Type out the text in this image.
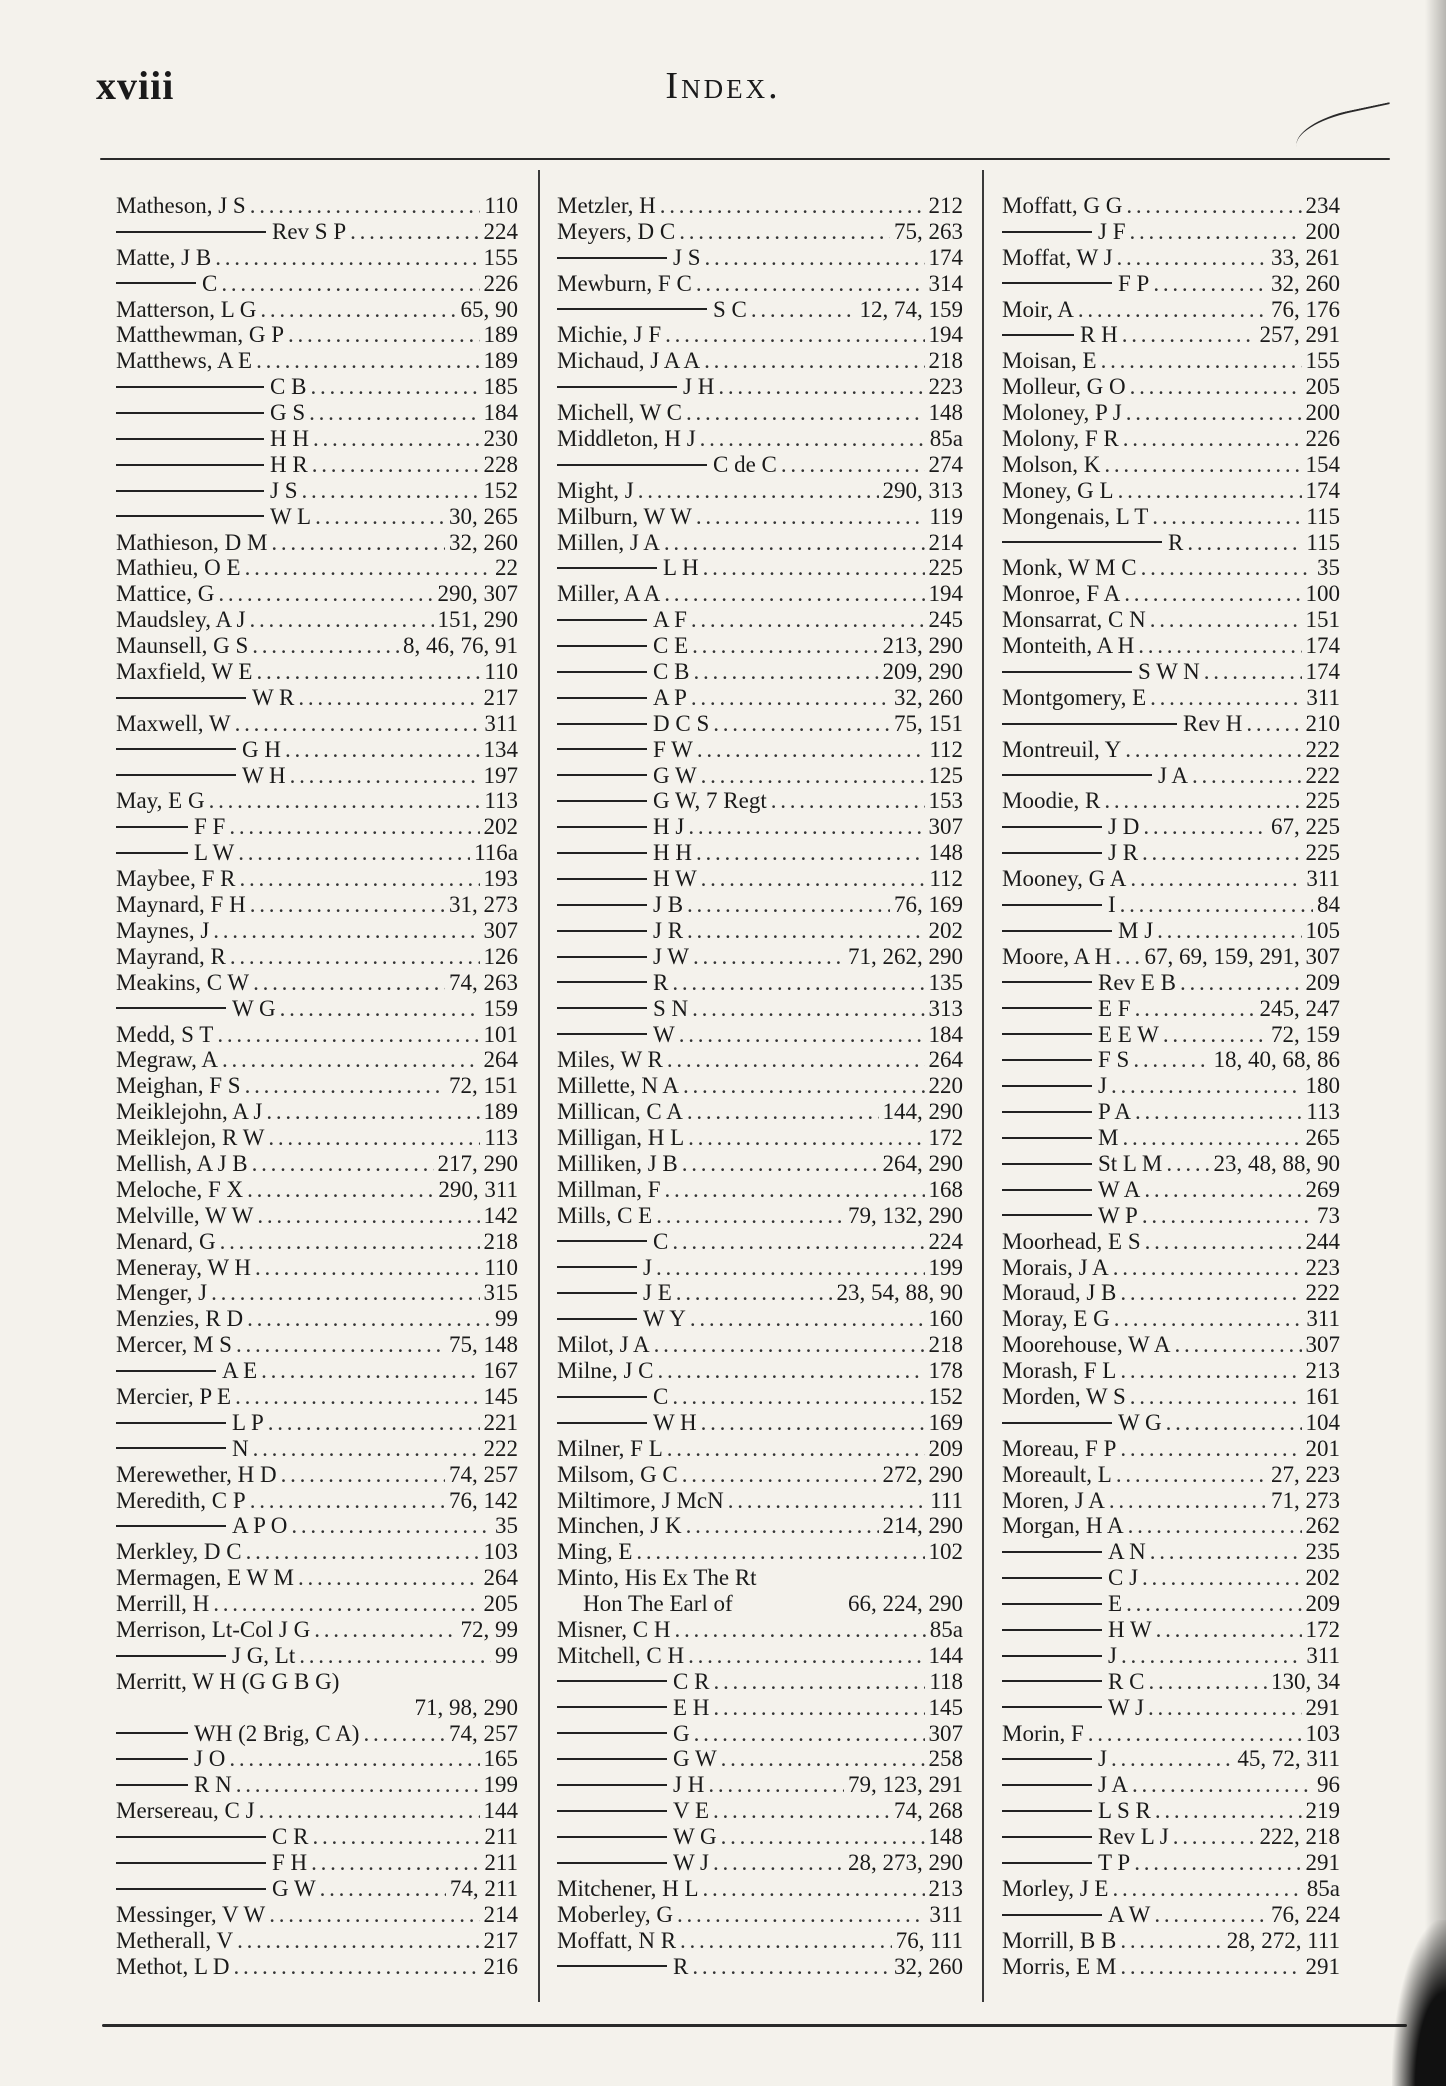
xviii	Index.
Matheson, J S . . .	110
Rev S P . . .	224
Matte, J B . . .	155
C . . .	226
Matterson, L G . . .	65, 90
Matthewman, G P . . .	189
Matthews, A E . . .	189
C B . . .	185
G S . . .	184
H H . . .	230
H R . . .	228
J S . . .	152
W L . . .	30, 265
Mathieson, D M . . .	32, 260
Mathieu, O E . . .	22
Mattice, G . . .	290, 307
Maudsley, A J . . .	151, 290
Maunsell, G S . . .	8, 46, 76, 91
Maxfield, W E . . .	110
W R . . .	217
Maxwell, W . . .	311
G H . . .	134
W H . . .	197
May, E G . . .	113
F F . . .	202
L W . . .	116a
Maybee, F R . . .	193
Maynard, F H . . .	31, 273
Maynes, J . . .	307
Mayrand, R . . .	126
Meakins, C W . . .	74, 263
W G . . .	159
Medd, S T . . .	101
Megraw, A . . .	264
Meighan, F S . . .	72, 151
Meiklejohn, A J . . .	189
Meiklejon, R W . . .	113
Mellish, A J B . . .	217, 290
Meloche, F X . . .	290, 311
Melville, W W . . .	142
Menard, G . . .	218
Meneray, W H . . .	110
Menger, J . . .	315
Menzies, R D . . .	99
Mercer, M S . . .	75, 148
A E . . .	167
Mercier, P E . . .	145
L P . . .	221
N . . .	222
Merewether, H D . . .	74, 257
Meredith, C P . . .	76, 142
A P O . . .	35
Merkley, D C . . .	103
Mermagen, E W M . . .	264
Merrill, H . . .	205
Merrison, Lt-Col J G . . .	72, 99
J G, Lt . . .	99
Merritt, W H (G G B G)
71, 98, 290
WH (2 Brig, C A) . . .	74, 257
J O . . .	165
R N . . .	199
Mersereau, C J . . .	144
C R . . .	211
F H . . .	211
G W . . .	74, 211
Messinger, V W . . .	214
Metherall, V . . .	217
Methot, L D . . .	216
Metzler, H . . .	212
Meyers, D C . . .	75, 263
J S . . .	174
Mewburn, F C . . .	314
S C . . .	12, 74, 159
Michie, J F . . .	194
Michaud, J A A . . .	218
J H . . .	223
Michell, W C . . .	148
Middleton, H J . . .	85a
C de C . . .	274
Might, J . . .	290, 313
Milburn, W W . . .	119
Millen, J A . . .	214
L H . . .	225
Miller, A A . . .	194
A F . . .	245
C E . . .	213, 290
C B . . .	209, 290
A P . . .	32, 260
D C S . . .	75, 151
F W . . .	112
G W . . .	125
G W, 7 Regt . . .	153
H J . . .	307
H H . . .	148
H W . . .	112
J B . . .	76, 169
J R . . .	202
J W . . .	71, 262, 290
R . . .	135
S N . . .	313
W . . .	184
Miles, W R . . .	264
Millette, N A . . .	220
Millican, C A . . .	144, 290
Milligan, H L . . .	172
Milliken, J B . . .	264, 290
Millman, F . . .	168
Mills, C E . . .	79, 132, 290
C . . .	224
J . . .	199
J E . . .	23, 54, 88, 90
W Y . . .	160
Milot, J A . . .	218
Milne, J C . . .	178
C . . .	152
W H . . .	169
Milner, F L . . .	209
Milsom, G C . . .	272, 290
Miltimore, J McN . . .	111
Minchen, J K . . .	214, 290
Ming, E . . .	102
Minto, His Ex The Rt
Hon The Earl of	66, 224, 290
Misner, C H . . .	85a
Mitchell, C H . . .	144
C R . . .	118
E H . . .	145
G . . .	307
G W . . .	258
J H . . .	79, 123, 291
V E . . .	74, 268
W G . . .	148
W J . . .	28, 273, 290
Mitchener, H L . . .	213
Moberley, G . . .	311
Moffatt, N R . . .	76, 111
R . . .	32, 260
Moffatt, G G . . .	234
J F . . .	200
Moffat, W J . . .	33, 261
F P . . .	32, 260
Moir, A . . .	76, 176
R H . . .	257, 291
Moisan, E . . .	155
Molleur, G O . . .	205
Moloney, P J . . .	200
Molony, F R . . .	226
Molson, K . . .	154
Money, G L . . .	174
Mongenais, L T . . .	115
R . . .	115
Monk, W M C . . .	35
Monroe, F A . . .	100
Monsarrat, C N . . .	151
Monteith, A H . . .	174
S W N . . .	174
Montgomery, E . . .	311
Rev H . . .	210
Montreuil, Y . . .	222
J A . . .	222
Moodie, R . . .	225
J D . . .	67, 225
J R . . .	225
Mooney, G A . . .	311
I . . .	84
M J . . .	105
Moore, A H . . . 67, 69, 159, 291, 307
Rev E B . . .	209
E F . . .	245, 247
E E W . . .	72, 159
F S . . .	18, 40, 68, 86
J . . .	180
P A . . .	113
M . . .	265
St L M . . . 23, 48, 88, 90
W A . . .	269
W P . . .	73
Moorhead, E S . . .	244
Morais, J A . . .	223
Moraud, J B . . .	222
Moray, E G . . .	311
Moorehouse, W A . . .	307
Morash, F L . . .	213
Morden, W S . . .	161
W G . . .	104
Moreau, F P . . .	201
Moreault, L . . .	27, 223
Moren, J A . . .	71, 273
Morgan, H A . . .	262
A N . . .	235
C J . . .	202
E . . .	209
H W . . .	172
J . . .	311
R C . . .	130, 34
W J . . .	291
Morin, F . . .	103
J . . .	45, 72, 311
J A . . .	96
L S R . . .	219
Rev L J . . .	222, 218
T P . . .	291
Morley, J E . . .	85a
A W . . .	76, 224
Morrill, B B . . .	28, 272, 111
Morris, E M . . .	291
